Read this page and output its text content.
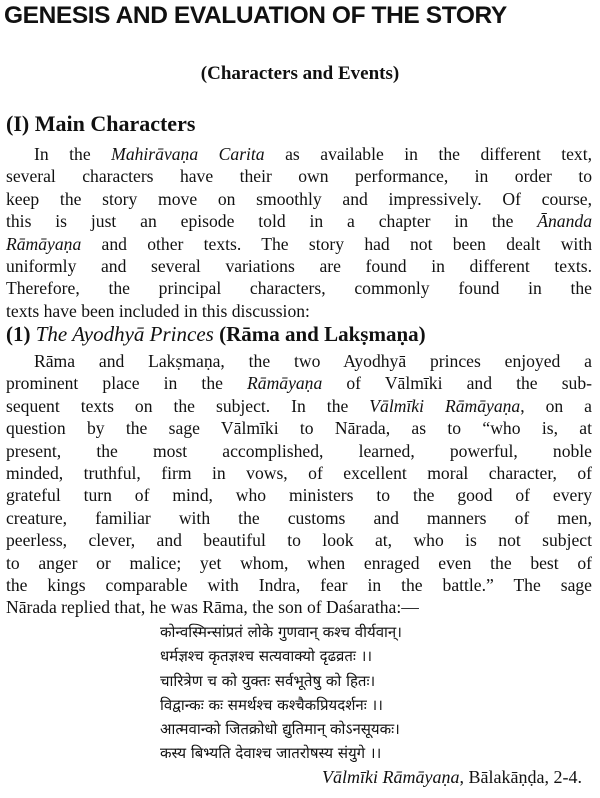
GENESIS AND EVALUATION OF THE STORY
(Characters and Events)
(I) Main Characters
In the Mahirāvaṇa Carita as available in the different text,
several characters have their own performance, in order to
keep the story move on smoothly and impressively. Of course,
this is just an episode told in a chapter in the Ānanda
Rāmāyaṇa and other texts. The story had not been dealt with
uniformly and several variations are found in different texts.
Therefore, the principal characters, commonly found in the
texts have been included in this discussion:
(1) The Ayodhyā Princes (Rāma and Lakṣmaṇa)
Rāma and Lakṣmaṇa, the two Ayodhyā princes enjoyed a
prominent place in the Rāmāyaṇa of Vālmīki and the sub-
sequent texts on the subject. In the Vālmīki Rāmāyaṇa, on a
question by the sage Vālmīki to Nārada, as to “who is, at
present, the most accomplished, learned, powerful, noble
minded, truthful, firm in vows, of excellent moral character, of
grateful turn of mind, who ministers to the good of every
creature, familiar with the customs and manners of men,
peerless, clever, and beautiful to look at, who is not subject
to anger or malice; yet whom, when enraged even the best of
the kings comparable with Indra, fear in the battle.” The sage
Nārada replied that, he was Rāma, the son of Daśaratha:—
कोन्वस्मिन्सांप्रतं लोके गुणवान् कश्च वीर्यवान्।
धर्मज्ञश्च कृतज्ञश्च सत्यवाक्यो दृढव्रतः ।।
चारित्रेण च को युक्तः सर्वभूतेषु को हितः।
विद्वान्कः कः समर्थश्च कश्चैकप्रियदर्शनः ।।
आत्मवान्को जितक्रोधो द्युतिमान् कोऽनसूयकः।
कस्य बिभ्यति देवाश्च जातरोषस्य संयुगे ।।
Vālmīki Rāmāyaṇa, Bālakāṇḍa, 2-4.
